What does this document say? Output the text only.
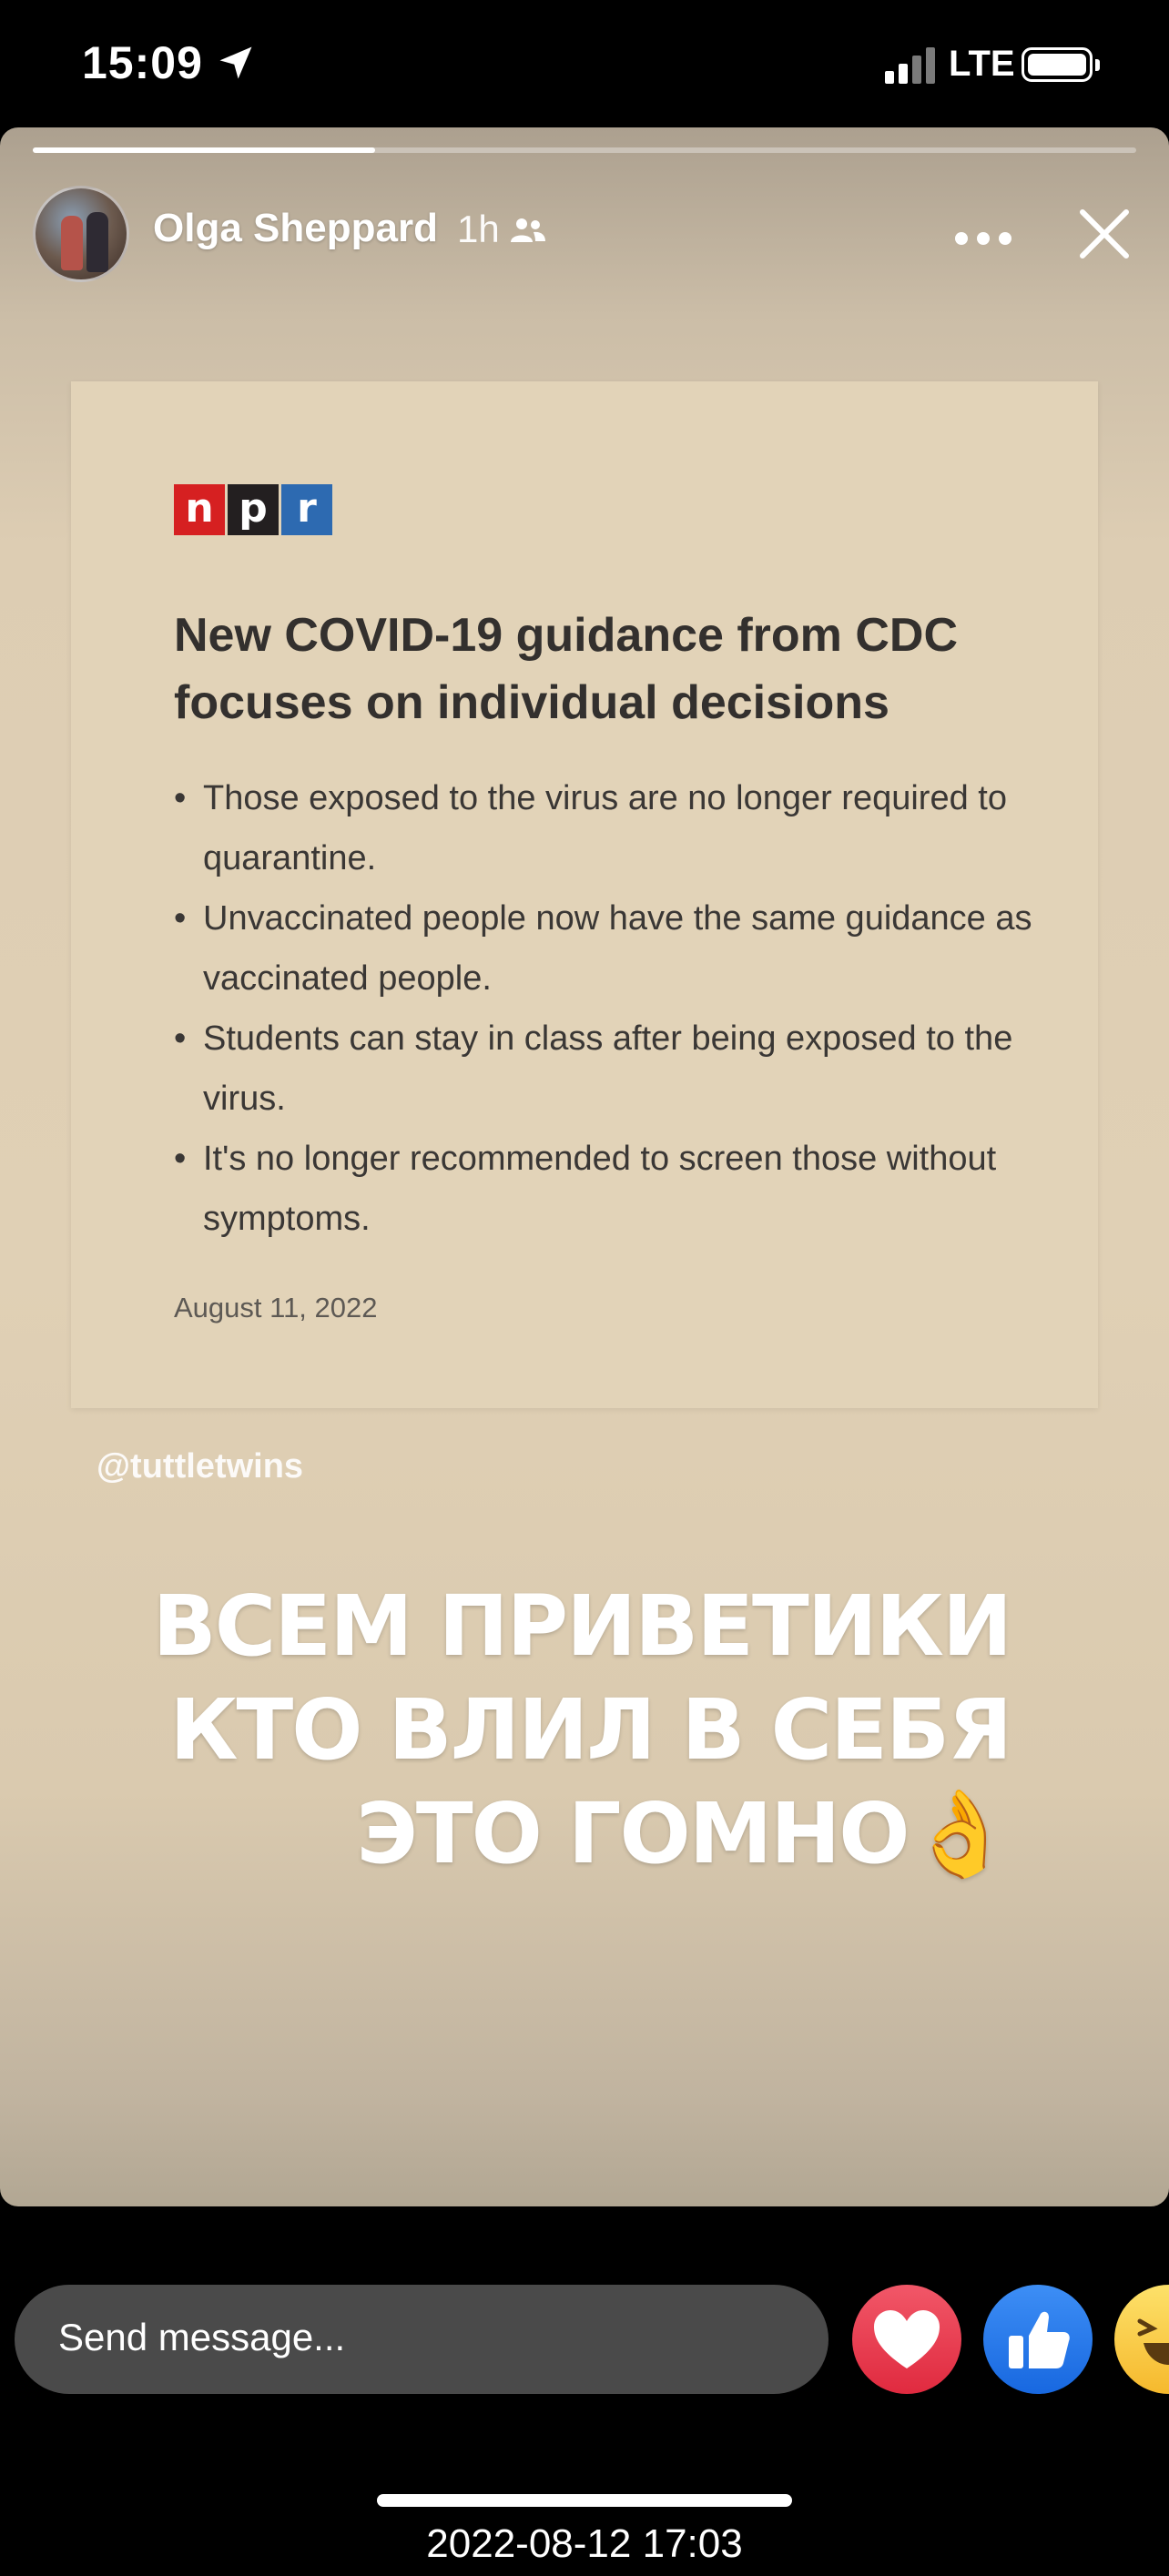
15:09	LTE
Olga Sheppard 1h
n p r
New COVID-19 guidance from CDC focuses on individual decisions
• Those exposed to the virus are no longer required to quarantine.
• Unvaccinated people now have the same guidance as vaccinated people.
• Students can stay in class after being exposed to the virus.
• It's no longer recommended to screen those without symptoms.
August 11, 2022
@tuttletwins
ВСЕМ ПРИВЕТИКИ КТО ВЛИЛ В СЕБЯ ЭТО ГОМНО👌
Send message...
2022-08-12 17:03
